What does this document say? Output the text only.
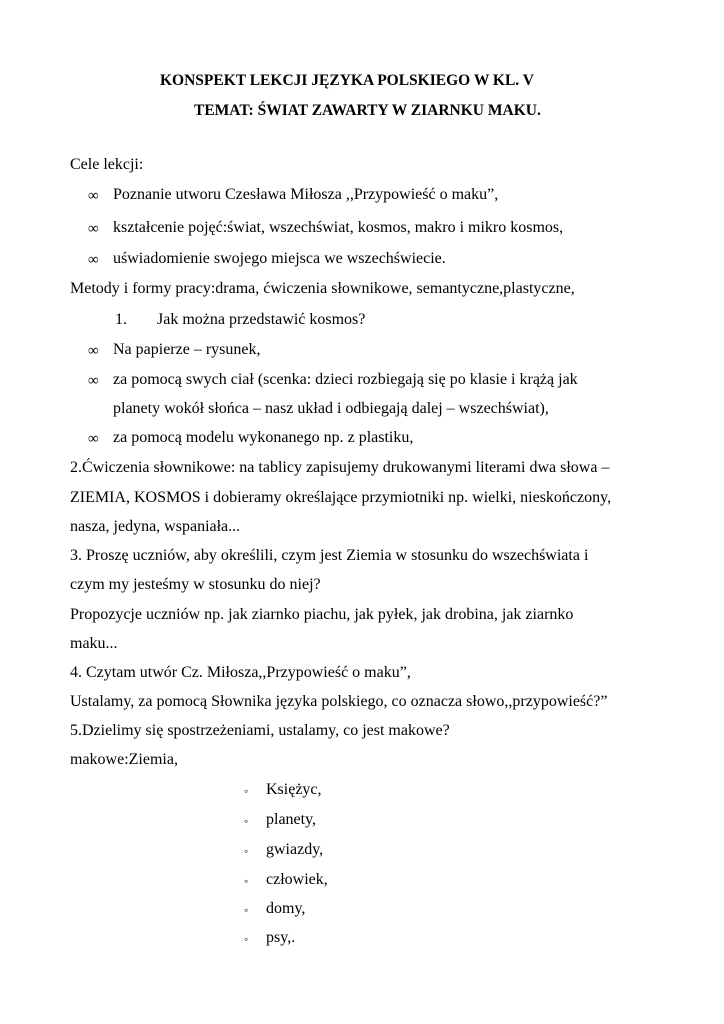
KONSPEKT LEKCJI JĘZYKA POLSKIEGO W KL. V
TEMAT: ŚWIAT ZAWARTY W ZIARNKU MAKU.
Cele lekcji:
∞ Poznanie utworu Czesława Miłosza ,,Przypowieść o maku”,
∞ kształcenie pojęć:świat, wszechświat, kosmos, makro i mikro kosmos,
∞ uświadomienie swojego miejsca we wszechświecie.
Metody i formy pracy:drama, ćwiczenia słownikowe, semantyczne,plastyczne,
1. Jak można przedstawić kosmos?
∞ Na papierze – rysunek,
∞ za pomocą swych ciał (scenka: dzieci rozbiegają się po klasie i krążą jak
planety wokół słońca – nasz układ i odbiegają dalej – wszechświat),
∞ za pomocą modelu wykonanego np. z plastiku,
2.Ćwiczenia słownikowe: na tablicy zapisujemy drukowanymi literami dwa słowa –
ZIEMIA, KOSMOS i dobieramy określające przymiotniki np. wielki, nieskończony,
nasza, jedyna, wspaniała...
3. Proszę uczniów, aby określili, czym jest Ziemia w stosunku do wszechświata i
czym my jesteśmy w stosunku do niej?
Propozycje uczniów np. jak ziarnko piachu, jak pyłek, jak drobina, jak ziarnko
maku...
4. Czytam utwór Cz. Miłosza,,Przypowieść o maku”,
Ustalamy, za pomocą Słownika języka polskiego, co oznacza słowo,,przypowieść?”
5.Dzielimy się spostrzeżeniami, ustalamy, co jest makowe?
makowe:Ziemia,
◦ Księżyc,
◦ planety,
◦ gwiazdy,
◦ człowiek,
◦ domy,
◦ psy,.
